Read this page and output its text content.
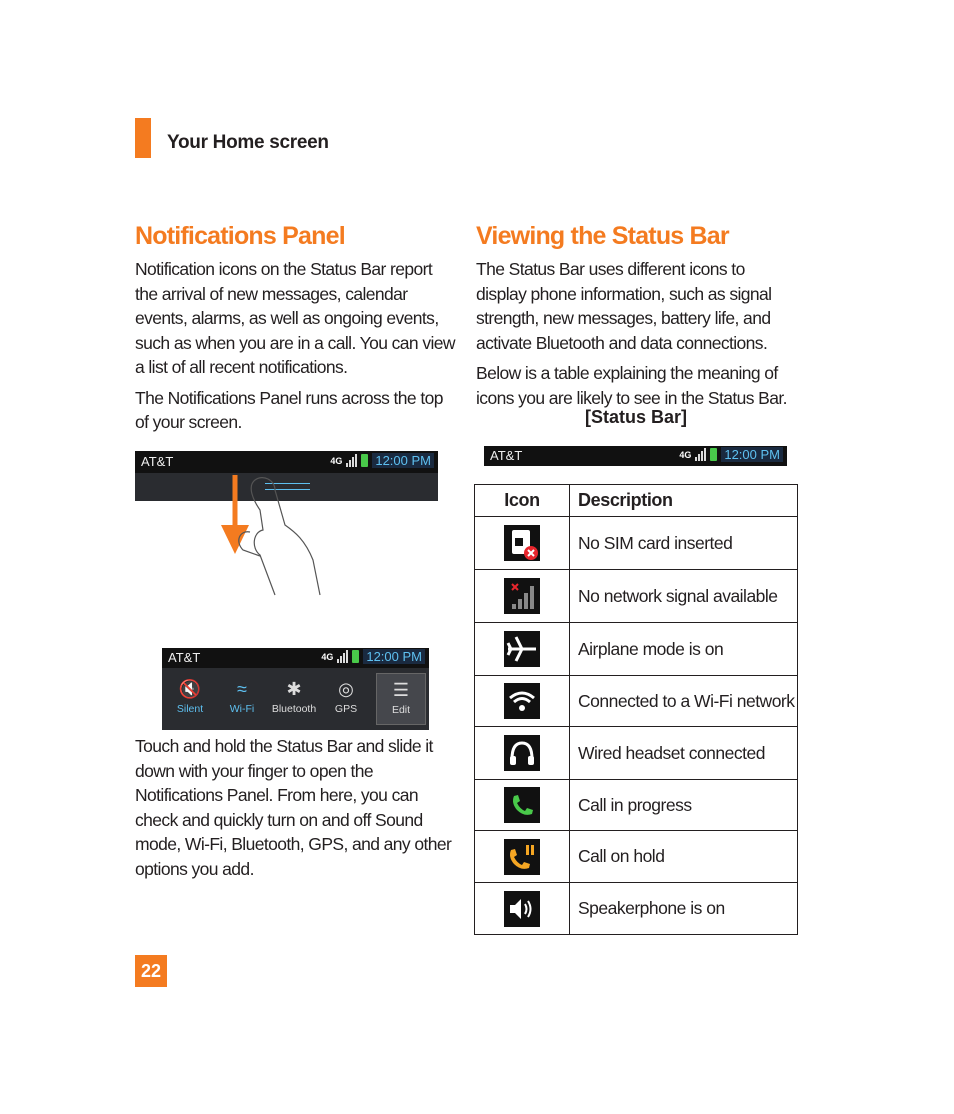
Your Home screen
Notifications Panel

Notification icons on the Status Bar report the arrival of new messages, calendar events, alarms, as well as ongoing events, such as when you are in a call. You can view a list of all recent notifications.

The Notifications Panel runs across the top of your screen.

AT&T	4G	12:00 PM
AT&T	4G	12:00 PM
🔇
Silent
≈
Wi-Fi
✱
Bluetooth
◎
GPS
☰
Edit

Touch and hold the Status Bar and slide it down with your finger to open the Notifications Panel. From here, you can check and quickly turn on and off Sound mode, Wi-Fi, Bluetooth, GPS, and any other options you add.

Viewing the Status Bar

The Status Bar uses different icons to display phone information, such as signal strength, new messages, battery life, and activate Bluetooth and data connections.

Below is a table explaining the meaning of icons you are likely to see in the Status Bar.

[Status Bar]
AT&T	4G	12:00 PM
Icon	Description

	No SIM card inserted

	No network signal available

	Airplane mode is on

	Connected to a Wi-Fi network

	Wired headset connected

	Call in progress

	Call on hold

	Speakerphone is on
22
